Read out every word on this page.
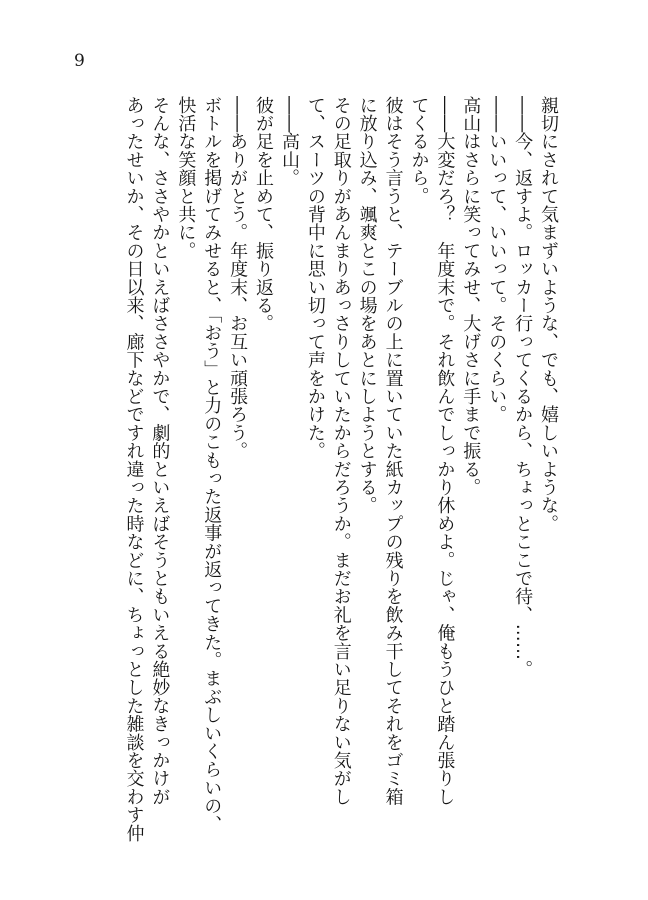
9
親切にされて気まずいような、でも、嬉しいような。
――今、返すよ。ロッカー行ってくるから、ちょっとここで待、……。
――いいって、いいって。そのくらい。
高山はさらに笑ってみせ、大げさに手まで振る。
――大変だろ？　年度末で。それ飲んでしっかり休めよ。じゃ、俺もうひと踏ん張りし
てくるから。
彼はそう言うと、テーブルの上に置いていた紙カップの残りを飲み干してそれをゴミ箱
に放り込み、颯爽とこの場をあとにしようとする。
その足取りがあんまりあっさりしていたからだろうか。まだお礼を言い足りない気がし
て、スーツの背中に思い切って声をかけた。
――高山。
彼が足を止めて、振り返る。
――ありがとう。年度末、お互い頑張ろう。
ボトルを掲げてみせると、「おう」と力のこもった返事が返ってきた。まぶしいくらいの、
快活な笑顔と共に。
そんな、ささやかといえばささやかで、劇的といえばそうともいえる絶妙なきっかけが
あったせいか、その日以来、廊下などですれ違った時などに、ちょっとした雑談を交わす仲
